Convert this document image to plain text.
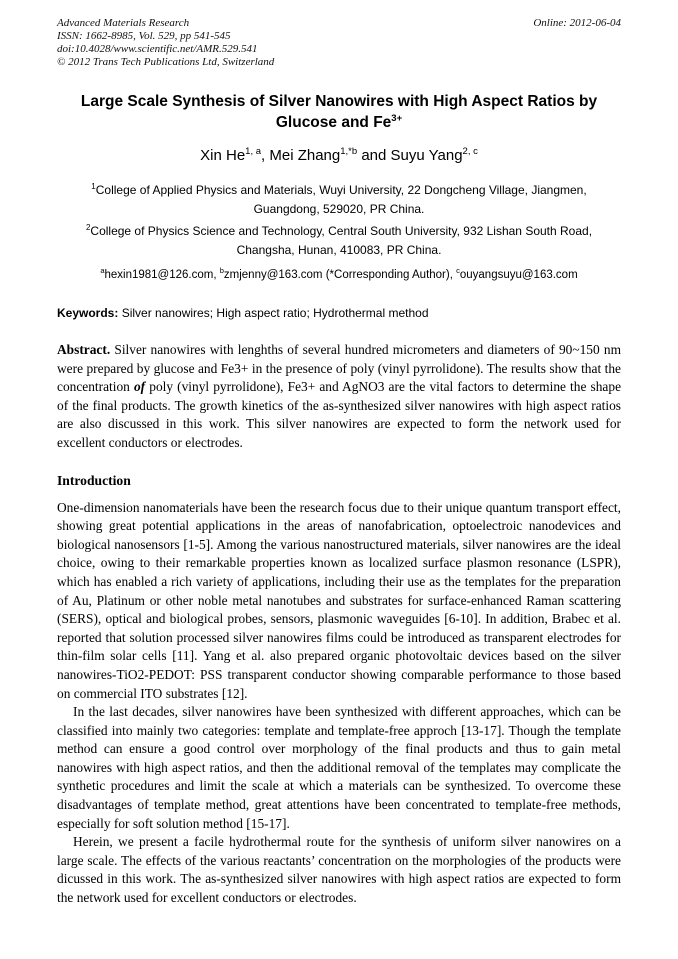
Advanced Materials Research
ISSN: 1662-8985, Vol. 529, pp 541-545
doi:10.4028/www.scientific.net/AMR.529.541
© 2012 Trans Tech Publications Ltd, Switzerland
Online: 2012-06-04
Large Scale Synthesis of Silver Nanowires with High Aspect Ratios by Glucose and $Fe^{3+}$
Xin He$^{1, a}$, Mei Zhang$^{1,*b}$ and Suyu Yang$^{2, c}$
$^1$College of Applied Physics and Materials, Wuyi University, 22 Dongcheng Village, Jiangmen, Guangdong, 529020, PR China.
$^2$College of Physics Science and Technology, Central South University, 932 Lishan South Road, Changsha, Hunan, 410083, PR China.
$^a$hexin1981@126.com, $^b$zmjenny@163.com (*Corresponding Author), $^c$ouyangsuyu@163.com
Keywords: Silver nanowires; High aspect ratio; Hydrothermal method
Abstract. Silver nanowires with lenghths of several hundred micrometers and diameters of 90~150 nm were prepared by glucose and Fe3+ in the presence of poly (vinyl pyrrolidone). The results show that the concentration of poly (vinyl pyrrolidone), Fe3+ and AgNO3 are the vital factors to determine the shape of the final products. The growth kinetics of the as-synthesized silver nanowires with high aspect ratios are also discussed in this work. This silver nanowires are expected to form the network used for excellent conductors or electrodes.
Introduction

One-dimension nanomaterials have been the research focus due to their unique quantum transport effect, showing great potential applications in the areas of nanofabrication, optoelectroic nanodevices and biological nanosensors [1-5]. Among the various nanostructured materials, silver nanowires are the ideal choice, owing to their remarkable properties known as localized surface plasmon resonance (LSPR), which has enabled a rich variety of applications, including their use as the templates for the preparation of Au, Platinum or other noble metal nanotubes and substrates for surface-enhanced Raman scattering (SERS), optical and biological probes, sensors, plasmonic waveguides [6-10]. In addition, Brabec et al. reported that solution processed silver nanowires films could be introduced as transparent electrodes for thin-film solar cells [11]. Yang et al. also prepared organic photovoltaic devices based on the silver nanowires-TiO2-PEDOT: PSS transparent conductor showing comparable performance to those based on commercial ITO substrates [12].

In the last decades, silver nanowires have been synthesized with different approaches, which can be classified into mainly two categories: template and template-free approch [13-17]. Though the template method can ensure a good control over morphology of the final products and thus to gain metal nanowires with high aspect ratios, and then the additional removal of the templates may complicate the synthetic procedures and limit the scale at which a materials can be synthesized. To overcome these disadvantages of template method, great attentions have been concentrated to template-free methods, especially for soft solution method [15-17].

Herein, we present a facile hydrothermal route for the synthesis of uniform silver nanowires on a large scale. The effects of the various reactants’ concentration on the morphologies of the products were dicussed in this work. The as-synthesized silver nanowires with high aspect ratios are expected to form the network used for excellent conductors or electrodes.
